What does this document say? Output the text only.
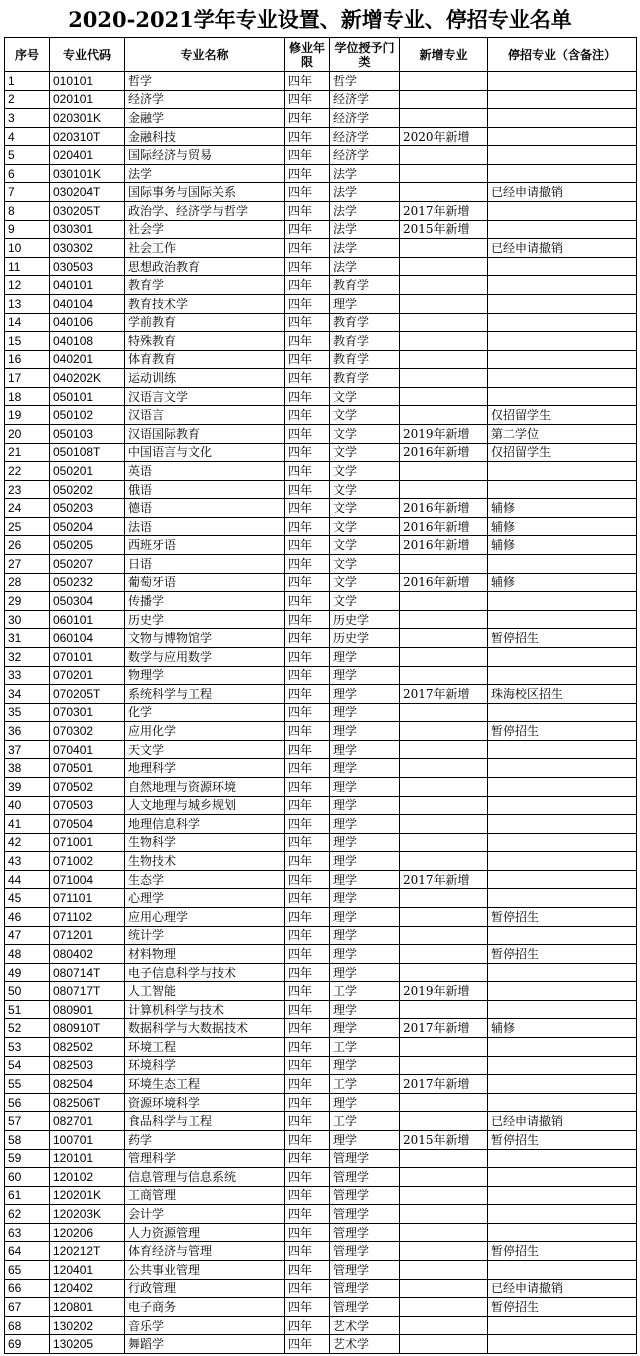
2020-2021学年专业设置、新增专业、停招专业名单
序号	专业代码	专业名称	修业年限	学位授予门类	新增专业	停招专业（含备注）
1	010101	哲学	四年	哲学		
2	020101	经济学	四年	经济学		
3	020301K	金融学	四年	经济学		
4	020310T	金融科技	四年	经济学	2020年新增	
5	020401	国际经济与贸易	四年	经济学		
6	030101K	法学	四年	法学		
7	030204T	国际事务与国际关系	四年	法学		已经申请撤销
8	030205T	政治学、经济学与哲学	四年	法学	2017年新增	
9	030301	社会学	四年	法学	2015年新增	
10	030302	社会工作	四年	法学		已经申请撤销
11	030503	思想政治教育	四年	法学		
12	040101	教育学	四年	教育学		
13	040104	教育技术学	四年	理学		
14	040106	学前教育	四年	教育学		
15	040108	特殊教育	四年	教育学		
16	040201	体育教育	四年	教育学		
17	040202K	运动训练	四年	教育学		
18	050101	汉语言文学	四年	文学		
19	050102	汉语言	四年	文学		仅招留学生
20	050103	汉语国际教育	四年	文学	2019年新增	第二学位
21	050108T	中国语言与文化	四年	文学	2016年新增	仅招留学生
22	050201	英语	四年	文学		
23	050202	俄语	四年	文学		
24	050203	德语	四年	文学	2016年新增	辅修
25	050204	法语	四年	文学	2016年新增	辅修
26	050205	西班牙语	四年	文学	2016年新增	辅修
27	050207	日语	四年	文学		
28	050232	葡萄牙语	四年	文学	2016年新增	辅修
29	050304	传播学	四年	文学		
30	060101	历史学	四年	历史学		
31	060104	文物与博物馆学	四年	历史学		暂停招生
32	070101	数学与应用数学	四年	理学		
33	070201	物理学	四年	理学		
34	070205T	系统科学与工程	四年	理学	2017年新增	珠海校区招生
35	070301	化学	四年	理学		
36	070302	应用化学	四年	理学		暂停招生
37	070401	天文学	四年	理学		
38	070501	地理科学	四年	理学		
39	070502	自然地理与资源环境	四年	理学		
40	070503	人文地理与城乡规划	四年	理学		
41	070504	地理信息科学	四年	理学		
42	071001	生物科学	四年	理学		
43	071002	生物技术	四年	理学		
44	071004	生态学	四年	理学	2017年新增	
45	071101	心理学	四年	理学		
46	071102	应用心理学	四年	理学		暂停招生
47	071201	统计学	四年	理学		
48	080402	材料物理	四年	理学		暂停招生
49	080714T	电子信息科学与技术	四年	理学		
50	080717T	人工智能	四年	工学	2019年新增	
51	080901	计算机科学与技术	四年	理学		
52	080910T	数据科学与大数据技术	四年	理学	2017年新增	辅修
53	082502	环境工程	四年	工学		
54	082503	环境科学	四年	理学		
55	082504	环境生态工程	四年	工学	2017年新增	
56	082506T	资源环境科学	四年	理学		
57	082701	食品科学与工程	四年	工学		已经申请撤销
58	100701	药学	四年	理学	2015年新增	暂停招生
59	120101	管理科学	四年	管理学		
60	120102	信息管理与信息系统	四年	管理学		
61	120201K	工商管理	四年	管理学		
62	120203K	会计学	四年	管理学		
63	120206	人力资源管理	四年	管理学		
64	120212T	体育经济与管理	四年	管理学		暂停招生
65	120401	公共事业管理	四年	管理学		
66	120402	行政管理	四年	管理学		已经申请撤销
67	120801	电子商务	四年	管理学		暂停招生
68	130202	音乐学	四年	艺术学		
69	130205	舞蹈学	四年	艺术学		
